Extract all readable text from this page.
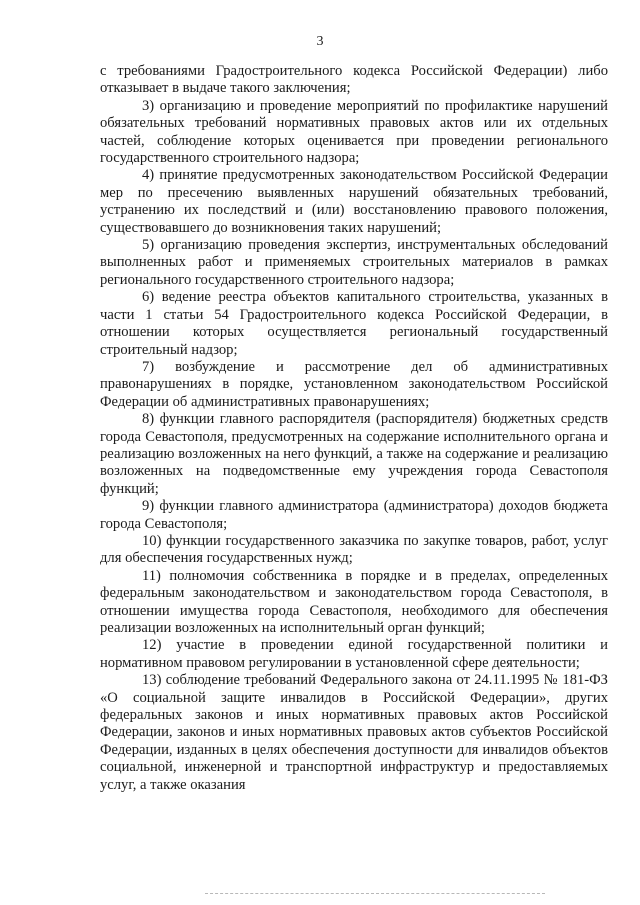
3

с требованиями Градостроительного кодекса Российской Федерации) либо отказывает в выдаче такого заключения;

3) организацию и проведение мероприятий по профилактике нарушений обязательных требований нормативных правовых актов или их отдельных частей, соблюдение которых оценивается при проведении регионального государственного строительного надзора;

4) принятие предусмотренных законодательством Российской Федерации мер по пресечению выявленных нарушений обязательных требований, устранению их последствий и (или) восстановлению правового положения, существовавшего до возникновения таких нарушений;

5) организацию проведения экспертиз, инструментальных обследований выполненных работ и применяемых строительных материалов в рамках регионального государственного строительного надзора;

6) ведение реестра объектов капитального строительства, указанных в части 1 статьи 54 Градостроительного кодекса Российской Федерации, в отношении которых осуществляется региональный государственный строительный надзор;

7) возбуждение и рассмотрение дел об административных правонарушениях в порядке, установленном законодательством Российской Федерации об административных правонарушениях;

8) функции главного распорядителя (распорядителя) бюджетных средств города Севастополя, предусмотренных на содержание исполнительного органа и реализацию возложенных на него функций, а также на содержание и реализацию возложенных на подведомственные ему учреждения города Севастополя функций;

9) функции главного администратора (администратора) доходов бюджета города Севастополя;

10) функции государственного заказчика по закупке товаров, работ, услуг для обеспечения государственных нужд;

11) полномочия собственника в порядке и в пределах, определенных федеральным законодательством и законодательством города Севастополя, в отношении имущества города Севастополя, необходимого для обеспечения реализации возложенных на исполнительный орган функций;

12) участие в проведении единой государственной политики и нормативном правовом регулировании в установленной сфере деятельности;

13) соблюдение требований Федерального закона от 24.11.1995 № 181-ФЗ «О социальной защите инвалидов в Российской Федерации», других федеральных законов и иных нормативных правовых актов Российской Федерации, законов и иных нормативных правовых актов субъектов Российской Федерации, изданных в целях обеспечения доступности для инвалидов объектов социальной, инженерной и транспортной инфраструктур и предоставляемых услуг, а также оказания
